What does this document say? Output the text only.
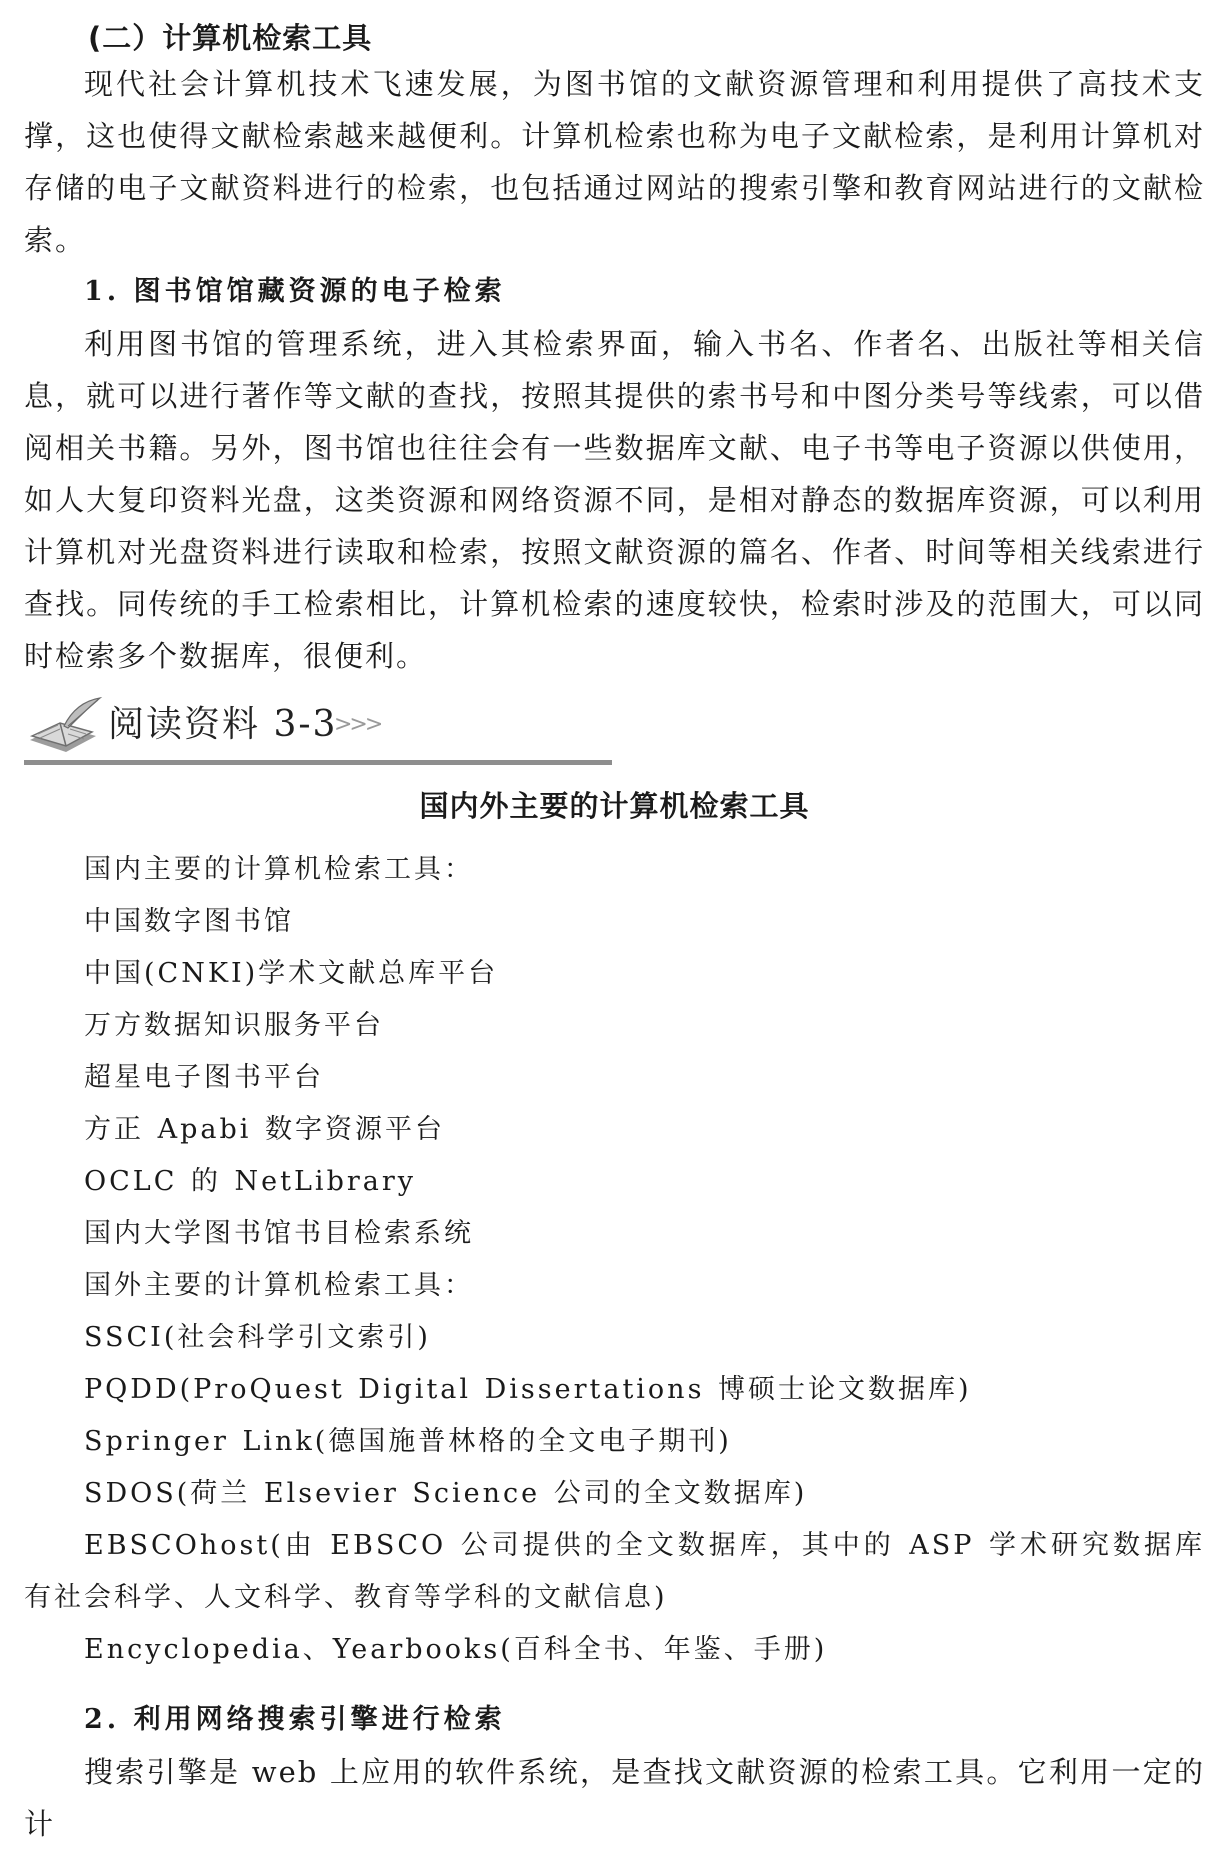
(二）计算机检索工具

现代社会计算机技术飞速发展，为图书馆的文献资源管理和利用提供了高技术支撑，这也使得文献检索越来越便利。计算机检索也称为电子文献检索，是利用计算机对存储的电子文献资料进行的检索，也包括通过网站的搜索引擎和教育网站进行的文献检索。

1. 图书馆馆藏资源的电子检索

利用图书馆的管理系统，进入其检索界面，输入书名、作者名、出版社等相关信息，就可以进行著作等文献的查找，按照其提供的索书号和中图分类号等线索，可以借阅相关书籍。另外，图书馆也往往会有一些数据库文献、电子书等电子资源以供使用，如人大复印资料光盘，这类资源和网络资源不同，是相对静态的数据库资源，可以利用计算机对光盘资料进行读取和检索，按照文献资源的篇名、作者、时间等相关线索进行查找。同传统的手工检索相比，计算机检索的速度较快，检索时涉及的范围大，可以同时检索多个数据库，很便利。

阅读资料 3-3
>>>
国内外主要的计算机检索工具
国内主要的计算机检索工具：
中国数字图书馆
中国(CNKI)学术文献总库平台
万方数据知识服务平台
超星电子图书平台
方正 Apabi 数字资源平台
OCLC 的 NetLibrary
国内大学图书馆书目检索系统
国外主要的计算机检索工具：
SSCI(社会科学引文索引)
PQDD(ProQuest Digital Dissertations 博硕士论文数据库)
Springer Link(德国施普林格的全文电子期刊)
SDOS(荷兰 Elsevier Science 公司的全文数据库)
EBSCOhost(由 EBSCO 公司提供的全文数据库，其中的 ASP 学术研究数据库有社会科学、人文科学、教育等学科的文献信息)
Encyclopedia、Yearbooks(百科全书、年鉴、手册)
2. 利用网络搜索引擎进行检索

搜索引擎是 web 上应用的软件系统，是查找文献资源的检索工具。它利用一定的计
